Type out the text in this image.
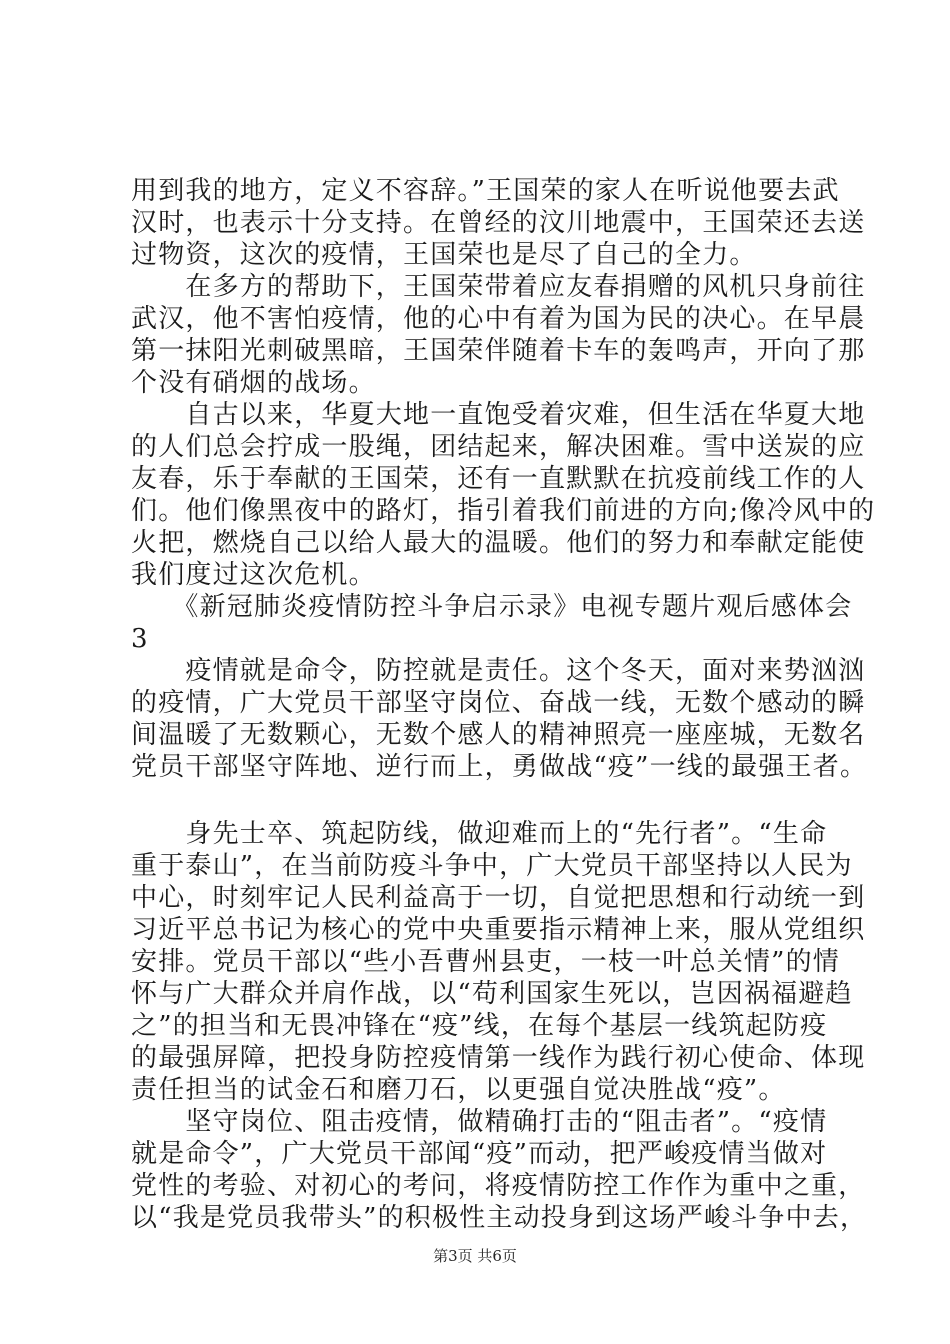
用到我的地方，定义不容辞。”王国荣的家人在听说他要去武
汉时，也表示十分支持。在曾经的汶川地震中，王国荣还去送
过物资，这次的疫情，王国荣也是尽了自己的全力。
　　在多方的帮助下，王国荣带着应友春捐赠的风机只身前往
武汉，他不害怕疫情，他的心中有着为国为民的决心。在早晨
第一抹阳光刺破黑暗，王国荣伴随着卡车的轰鸣声，开向了那
个没有硝烟的战场。
　　自古以来，华夏大地一直饱受着灾难，但生活在华夏大地
的人们总会拧成一股绳，团结起来，解决困难。雪中送炭的应
友春，乐于奉献的王国荣，还有一直默默在抗疫前线工作的人
们。他们像黑夜中的路灯，指引着我们前进的方向;像冷风中的
火把，燃烧自己以给人最大的温暖。他们的努力和奉献定能使
我们度过这次危机。
　　《新冠肺炎疫情防控斗争启示录》电视专题片观后感体会
3
　　疫情就是命令，防控就是责任。这个冬天，面对来势汹汹
的疫情，广大党员干部坚守岗位、奋战一线，无数个感动的瞬
间温暖了无数颗心，无数个感人的精神照亮一座座城，无数名
党员干部坚守阵地、逆行而上，勇做战“疫”一线的最强王者。
　　身先士卒、筑起防线，做迎难而上的“先行者”。“生命
重于泰山”，在当前防疫斗争中，广大党员干部坚持以人民为
中心，时刻牢记人民利益高于一切，自觉把思想和行动统一到
习近平总书记为核心的党中央重要指示精神上来，服从党组织
安排。党员干部以“些小吾曹州县吏，一枝一叶总关情”的情
怀与广大群众并肩作战，以“苟利国家生死以，岂因祸福避趋
之”的担当和无畏冲锋在“疫”线，在每个基层一线筑起防疫
的最强屏障，把投身防控疫情第一线作为践行初心使命、体现
责任担当的试金石和磨刀石，以更强自觉决胜战“疫”。
　　坚守岗位、阻击疫情，做精确打击的“阻击者”。“疫情
就是命令”，广大党员干部闻“疫”而动，把严峻疫情当做对
党性的考验、对初心的考问，将疫情防控工作作为重中之重，
以“我是党员我带头”的积极性主动投身到这场严峻斗争中去，
第3页 共6页
